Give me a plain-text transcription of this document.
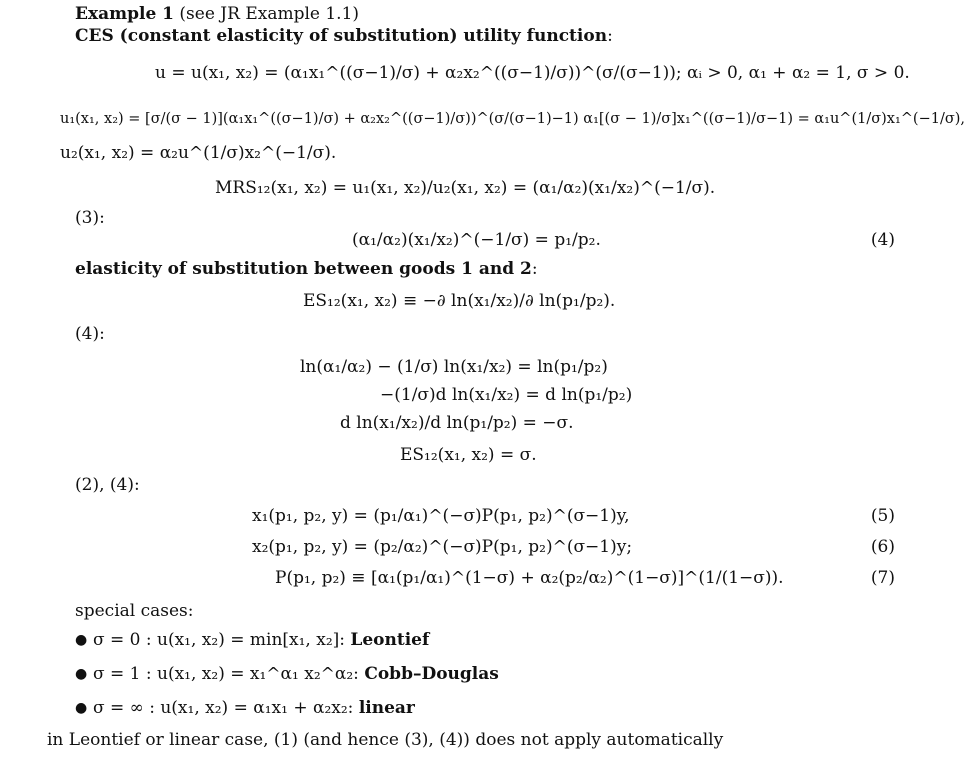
Example 1 (see JR Example 1.1)
CES (constant elasticity of substitution) utility function:
u = u(x₁, x₂) = (α₁x₁^((σ−1)/σ) + α₂x₂^((σ−1)/σ))^(σ/(σ−1)); αᵢ > 0, α₁ + α₂ = 1, σ > 0.
u₁(x₁, x₂) = [σ/(σ − 1)](α₁x₁^((σ−1)/σ) + α₂x₂^((σ−1)/σ))^(σ/(σ−1)−1) α₁[(σ − 1)/σ]x₁^((σ−1)/σ−1) = α₁u^(1/σ)x₁^(−1/σ),
u₂(x₁, x₂) = α₂u^(1/σ)x₂^(−1/σ).
MRS₁₂(x₁, x₂) = u₁(x₁, x₂)/u₂(x₁, x₂) = (α₁/α₂)(x₁/x₂)^(−1/σ).
(3):
(α₁/α₂)(x₁/x₂)^(−1/σ) = p₁/p₂.	(4)
elasticity of substitution between goods 1 and 2:
ES₁₂(x₁, x₂) ≡ −∂ ln(x₁/x₂)/∂ ln(p₁/p₂).
(4):
ln(α₁/α₂) − (1/σ) ln(x₁/x₂) = ln(p₁/p₂)
−(1/σ)d ln(x₁/x₂) = d ln(p₁/p₂)
d ln(x₁/x₂)/d ln(p₁/p₂) = −σ.
ES₁₂(x₁, x₂) = σ.
(2), (4):
x₁(p₁, p₂, y) = (p₁/α₁)^(−σ)P(p₁, p₂)^(σ−1)y,	(5)
x₂(p₁, p₂, y) = (p₂/α₂)^(−σ)P(p₁, p₂)^(σ−1)y;	(6)
P(p₁, p₂) ≡ [α₁(p₁/α₁)^(1−σ) + α₂(p₂/α₂)^(1−σ)]^(1/(1−σ)).	(7)
special cases:
● σ = 0 : u(x₁, x₂) = min[x₁, x₂]: Leontief
● σ = 1 : u(x₁, x₂) = x₁^α₁ x₂^α₂: Cobb–Douglas
● σ = ∞ : u(x₁, x₂) = α₁x₁ + α₂x₂: linear
in Leontief or linear case, (1) (and hence (3), (4)) does not apply automatically
